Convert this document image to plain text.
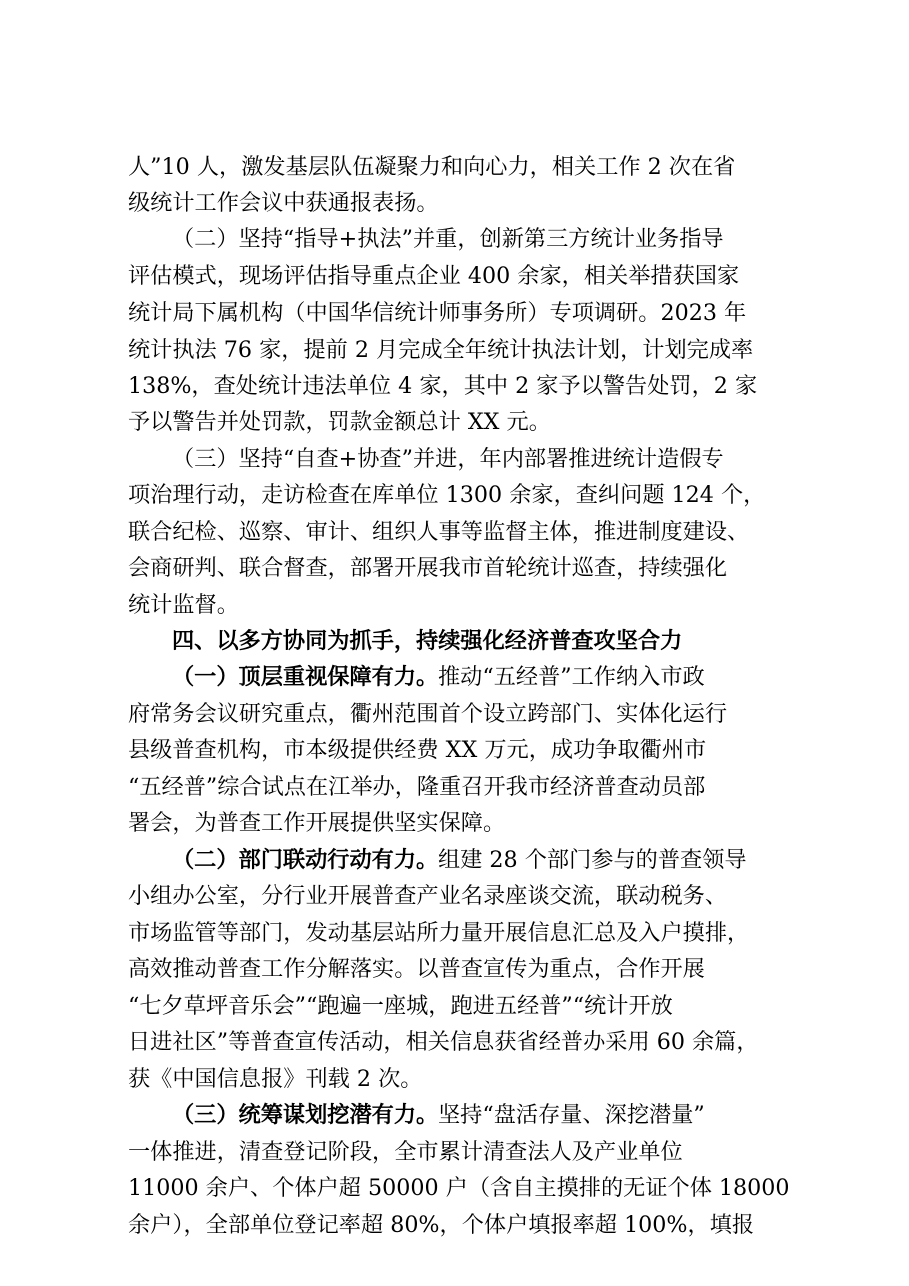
人”10 人，激发基层队伍凝聚力和向心力，相关工作 2 次在省
级统计工作会议中获通报表扬。
（二）坚持“指导+执法”并重，创新第三方统计业务指导
评估模式，现场评估指导重点企业 400 余家，相关举措获国家
统计局下属机构（中国华信统计师事务所）专项调研。2023 年
统计执法 76 家，提前 2 月完成全年统计执法计划，计划完成率
138%，查处统计违法单位 4 家，其中 2 家予以警告处罚，2 家
予以警告并处罚款，罚款金额总计 XX 元。
（三）坚持“自查+协查”并进，年内部署推进统计造假专
项治理行动，走访检查在库单位 1300 余家，查纠问题 124 个，
联合纪检、巡察、审计、组织人事等监督主体，推进制度建设、
会商研判、联合督查，部署开展我市首轮统计巡查，持续强化
统计监督。
四、以多方协同为抓手，持续强化经济普查攻坚合力
（一）顶层重视保障有力。 推动“五经普”工作纳入市政
府常务会议研究重点，衢州范围首个设立跨部门、实体化运行
县级普查机构，市本级提供经费 XX 万元，成功争取衢州市
“五经普”综合试点在江举办，隆重召开我市经济普查动员部
署会，为普查工作开展提供坚实保障。
（二）部门联动行动有力。 组建 28 个部门参与的普查领导
小组办公室，分行业开展普查产业名录座谈交流，联动税务、
市场监管等部门，发动基层站所力量开展信息汇总及入户摸排，
高效推动普查工作分解落实。以普查宣传为重点，合作开展
“七夕草坪音乐会”“跑遍一座城，跑进五经普”“统计开放
日进社区”等普查宣传活动，相关信息获省经普办采用 60 余篇，
获《中国信息报》刊载 2 次。
（三）统筹谋划挖潜有力。 坚持“盘活存量、深挖潜量”
一体推进，清查登记阶段，全市累计清查法人及产业单位
11000 余户、个体户超 50000 户（含自主摸排的无证个体 18000
余户），全部单位登记率超 80%，个体户填报率超 100%，填报
